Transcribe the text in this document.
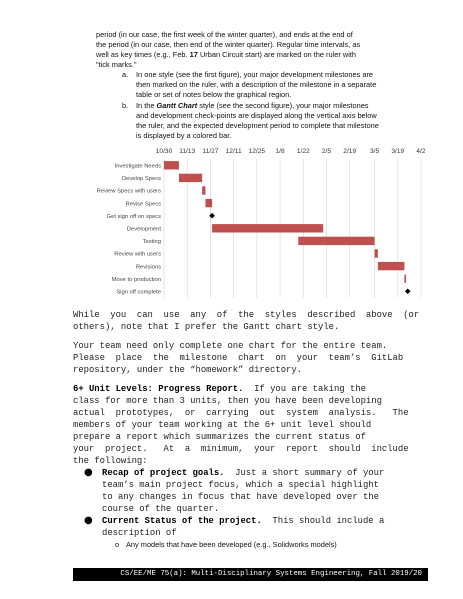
period (in our case, the first week of the winter quarter), and ends at the end of
the period (in our case, then end of the winter quarter). Regular time intervals, as
well as key times (e.g., Feb. 17 Urban Circuit start) are marked on the ruler with
"tick marks."
a. In one style (see the first figure), your major development milestones are
then marked on the ruler, with a description of the milestone in a separate
table or set of notes below the graphical region.
b. In the Gantt Chart style (see the second figure), your major milestones
and development check-points are displayed along the vertical axis below
the ruler, and the expected development period to complete that milestone
is displayed by a colored bar.
10/30 11/13 11/27 12/11 12/25 1/8 1/22 2/5 2/19 3/5 3/19 4/2
Investigate Needs
Develop Specs
Review Specs with users
Revise Specs
Get sign off on specs
Development
Testing
Review with users
Revisions
Move to production
Sign off complete
While  you  can  use  any  of  the  styles  described  above  (or
others), note that I prefer the Gantt chart style.
Your team need only complete one chart for the entire team.
Please  place  the  milestone  chart  on  your  team’s  GitLab
repository, under the “homework” directory.
6+ Unit Levels: Progress Report.  If you are taking the
class for more than 3 units, then you have been developing
actual  prototypes,  or  carrying  out  system  analysis.   The
members of your team working at the 6+ unit level should
prepare a report which summarizes the current status of
your  project.   At  a  minimum,  your  report  should  include
the following:
● Recap of project goals.  Just a short summary of your
team’s main project focus, which a special highlight
to any changes in focus that have developed over the
course of the quarter.
● Current Status of the project.  This should include a
description of
o Any models that have been developed (e.g., Solidworks models)
CS/EE/ME 75(a): Multi-Disciplinary Systems Engineering, Fall 2019/20
